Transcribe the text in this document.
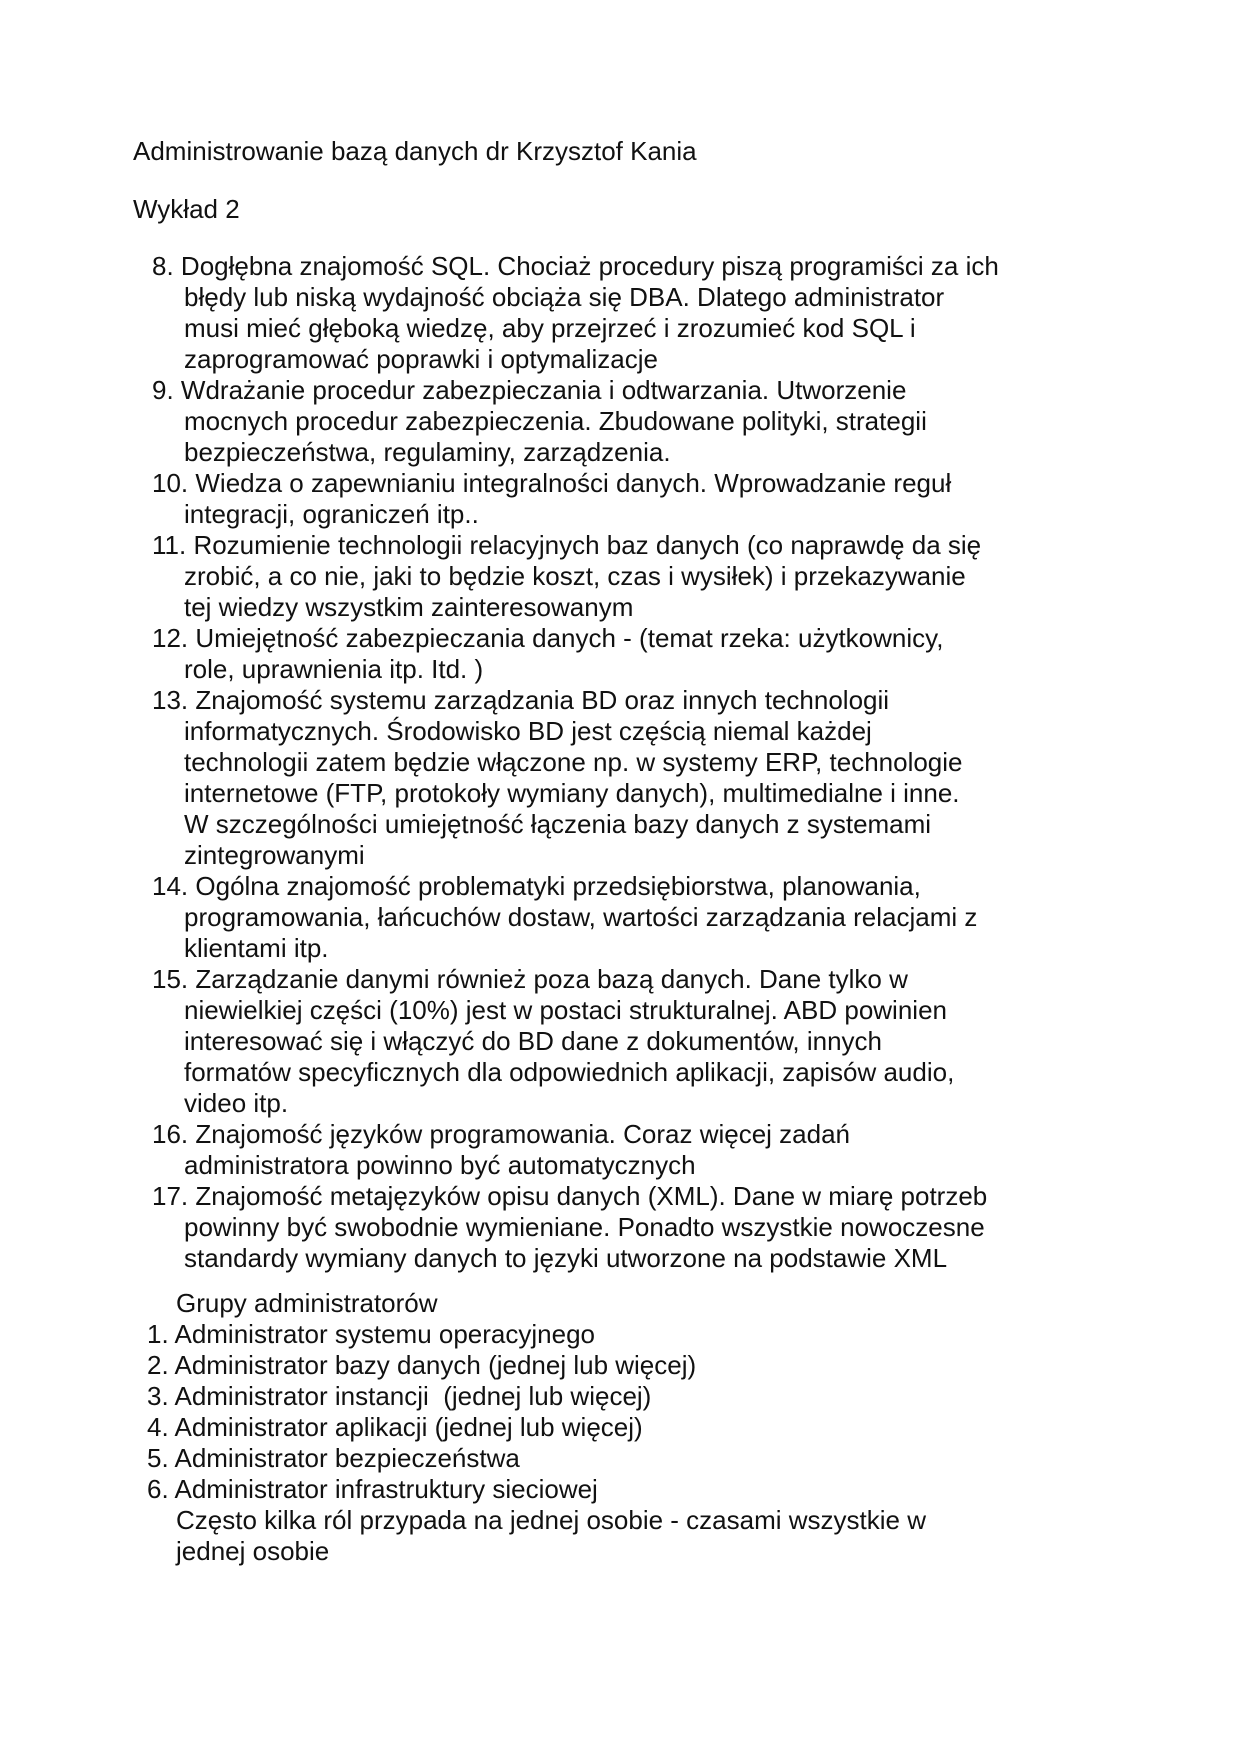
Administrowanie bazą danych dr Krzysztof Kania

Wykład 2

8. Dogłębna znajomość SQL. Chociaż procedury piszą programiści za ich
błędy lub niską wydajność obciąża się DBA. Dlatego administrator
musi mieć głęboką wiedzę, aby przejrzeć i zrozumieć kod SQL i
zaprogramować poprawki i optymalizacje
9. Wdrażanie procedur zabezpieczania i odtwarzania. Utworzenie
mocnych procedur zabezpieczenia. Zbudowane polityki, strategii
bezpieczeństwa, regulaminy, zarządzenia.
10. Wiedza o zapewnianiu integralności danych. Wprowadzanie reguł
integracji, ograniczeń itp..
11. Rozumienie technologii relacyjnych baz danych (co naprawdę da się
zrobić, a co nie, jaki to będzie koszt, czas i wysiłek) i przekazywanie
tej wiedzy wszystkim zainteresowanym
12. Umiejętność zabezpieczania danych - (temat rzeka: użytkownicy,
role, uprawnienia itp. Itd. )
13. Znajomość systemu zarządzania BD oraz innych technologii
informatycznych. Środowisko BD jest częścią niemal każdej
technologii zatem będzie włączone np. w systemy ERP, technologie
internetowe (FTP, protokoły wymiany danych), multimedialne i inne.
W szczególności umiejętność łączenia bazy danych z systemami
zintegrowanymi
14. Ogólna znajomość problematyki przedsiębiorstwa, planowania,
programowania, łańcuchów dostaw, wartości zarządzania relacjami z
klientami itp.
15. Zarządzanie danymi również poza bazą danych. Dane tylko w
niewielkiej części (10%) jest w postaci strukturalnej. ABD powinien
interesować się i włączyć do BD dane z dokumentów, innych
formatów specyficznych dla odpowiednich aplikacji, zapisów audio,
video itp.
16. Znajomość języków programowania. Coraz więcej zadań
administratora powinno być automatycznych
17. Znajomość metajęzyków opisu danych (XML). Dane w miarę potrzeb
powinny być swobodnie wymieniane. Ponadto wszystkie nowoczesne
standardy wymiany danych to języki utworzone na podstawie XML

Grupy administratorów

1. Administrator systemu operacyjnego
2. Administrator bazy danych (jednej lub więcej)
3. Administrator instancji  (jednej lub więcej)
4. Administrator aplikacji (jednej lub więcej)
5. Administrator bezpieczeństwa
6. Administrator infrastruktury sieciowej
Często kilka ról przypada na jednej osobie - czasami wszystkie w
jednej osobie
